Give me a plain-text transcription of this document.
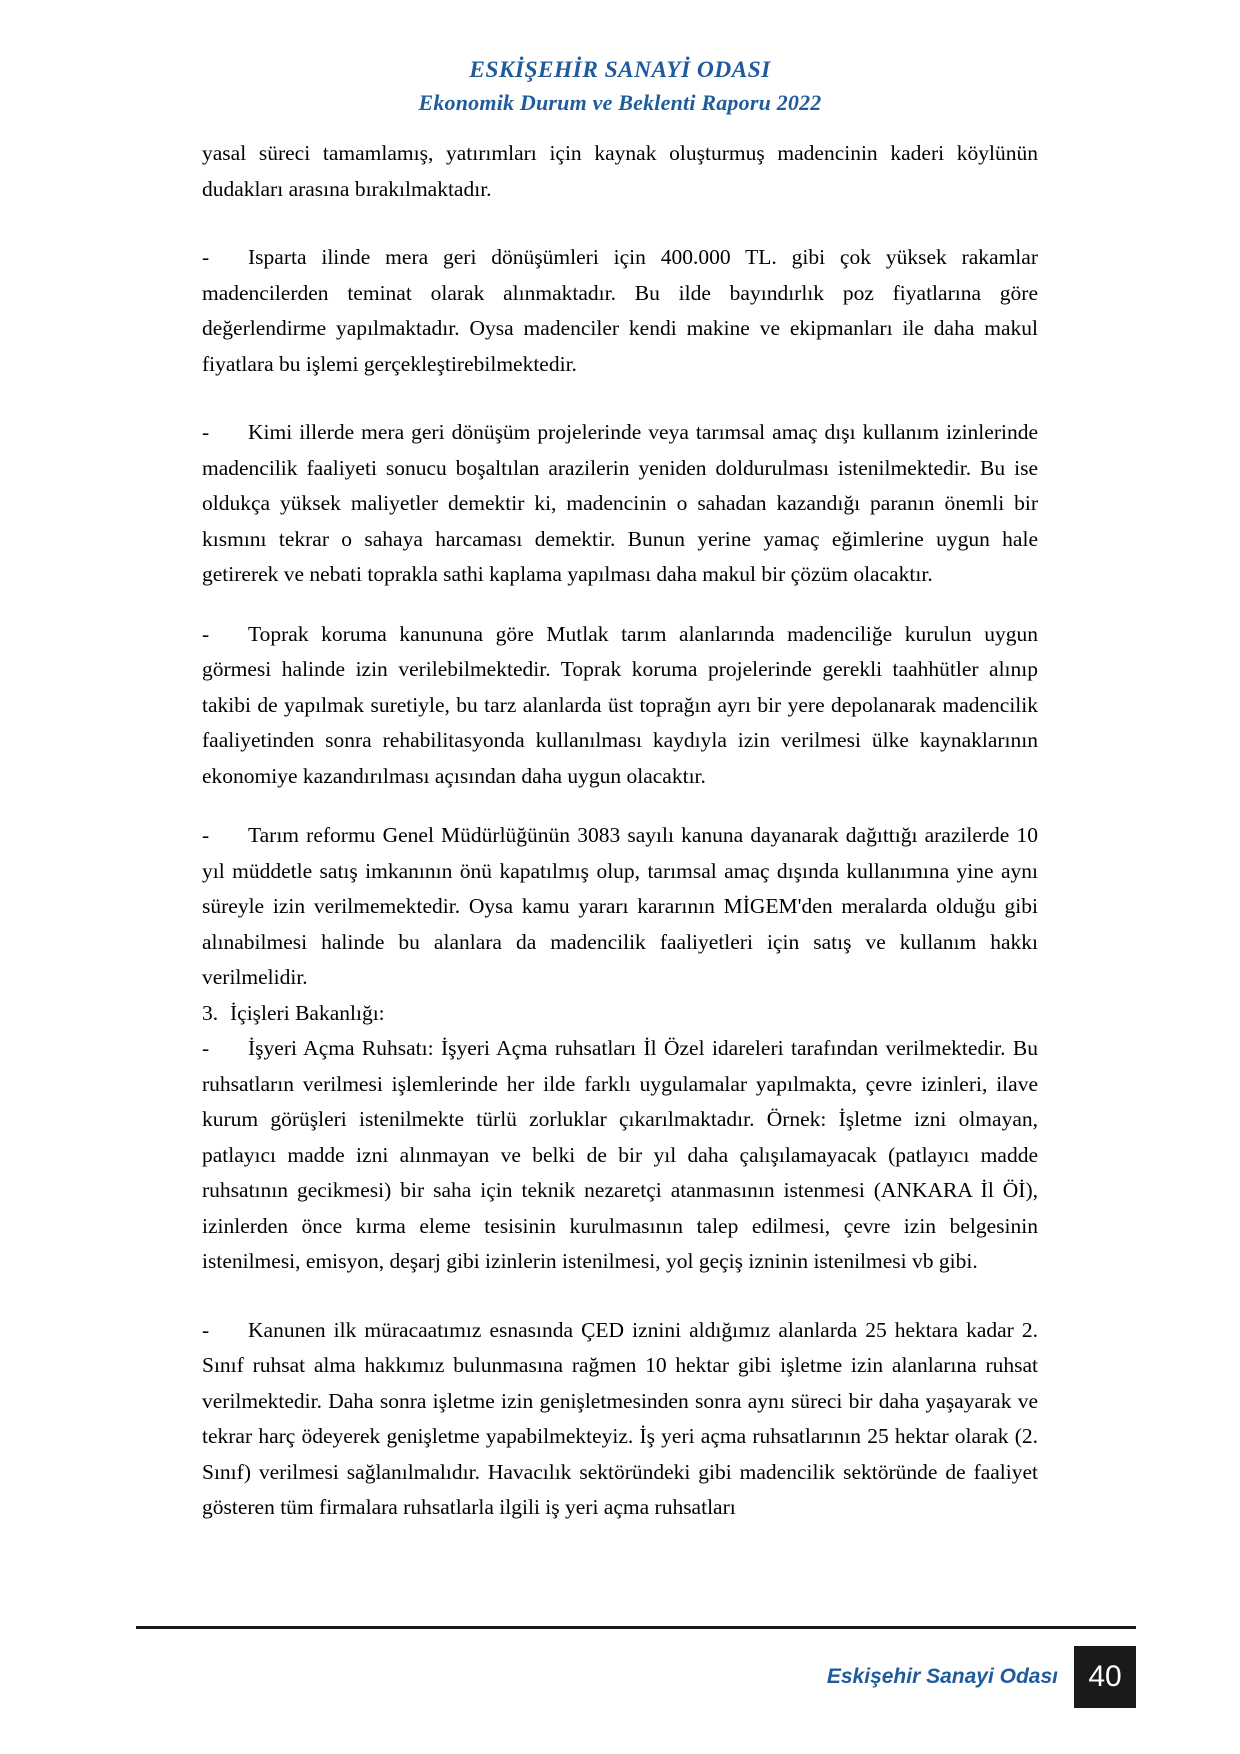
ESKİŞEHİR SANAYİ ODASI
Ekonomik Durum ve Beklenti Raporu 2022

yasal süreci tamamlamış, yatırımları için kaynak oluşturmuş madencinin kaderi köylünün dudakları arasına bırakılmaktadır.

- Isparta ilinde mera geri dönüşümleri için 400.000 TL. gibi çok yüksek rakamlar madencilerden teminat olarak alınmaktadır. Bu ilde bayındırlık poz fiyatlarına göre değerlendirme yapılmaktadır. Oysa madenciler kendi makine ve ekipmanları ile daha makul fiyatlara bu işlemi gerçekleştirebilmektedir.

- Kimi illerde mera geri dönüşüm projelerinde veya tarımsal amaç dışı kullanım izinlerinde madencilik faaliyeti sonucu boşaltılan arazilerin yeniden doldurulması istenilmektedir. Bu ise oldukça yüksek maliyetler demektir ki, madencinin o sahadan kazandığı paranın önemli bir kısmını tekrar o sahaya harcaması demektir. Bunun yerine yamaç eğimlerine uygun hale getirerek ve nebati toprakla sathi kaplama yapılması daha makul bir çözüm olacaktır.

- Toprak koruma kanununa göre Mutlak tarım alanlarında madenciliğe kurulun uygun görmesi halinde izin verilebilmektedir. Toprak koruma projelerinde gerekli taahhütler alınıp takibi de yapılmak suretiyle, bu tarz alanlarda üst toprağın ayrı bir yere depolanarak madencilik faaliyetinden sonra rehabilitasyonda kullanılması kaydıyla izin verilmesi ülke kaynaklarının ekonomiye kazandırılması açısından daha uygun olacaktır.

- Tarım reformu Genel Müdürlüğünün 3083 sayılı kanuna dayanarak dağıttığı arazilerde 10 yıl müddetle satış imkanının önü kapatılmış olup, tarımsal amaç dışında kullanımına yine aynı süreyle izin verilmemektedir. Oysa kamu yararı kararının MİGEM'den meralarda olduğu gibi alınabilmesi halinde bu alanlara da madencilik faaliyetleri için satış ve kullanım hakkı verilmelidir.

3. İçişleri Bakanlığı:

- İşyeri Açma Ruhsatı: İşyeri Açma ruhsatları İl Özel idareleri tarafından verilmektedir. Bu ruhsatların verilmesi işlemlerinde her ilde farklı uygulamalar yapılmakta, çevre izinleri, ilave kurum görüşleri istenilmekte türlü zorluklar çıkarılmaktadır. Örnek: İşletme izni olmayan, patlayıcı madde izni alınmayan ve belki de bir yıl daha çalışılamayacak (patlayıcı madde ruhsatının gecikmesi) bir saha için teknik nezaretçi atanmasının istenmesi (ANKARA İl Öİ), izinlerden önce kırma eleme tesisinin kurulmasının talep edilmesi, çevre izin belgesinin istenilmesi, emisyon, deşarj gibi izinlerin istenilmesi, yol geçiş izninin istenilmesi vb gibi.

- Kanunen ilk müracaatımız esnasında ÇED iznini aldığımız alanlarda 25 hektara kadar 2. Sınıf ruhsat alma hakkımız bulunmasına rağmen 10 hektar gibi işletme izin alanlarına ruhsat verilmektedir. Daha sonra işletme izin genişletmesinden sonra aynı süreci bir daha yaşayarak ve tekrar harç ödeyerek genişletme yapabilmekteyiz. İş yeri açma ruhsatlarının 25 hektar olarak (2. Sınıf) verilmesi sağlanılmalıdır. Havacılık sektöründeki gibi madencilik sektöründe de faaliyet gösteren tüm firmalara ruhsatlarla ilgili iş yeri açma ruhsatları

Eskişehir Sanayi Odası	40
